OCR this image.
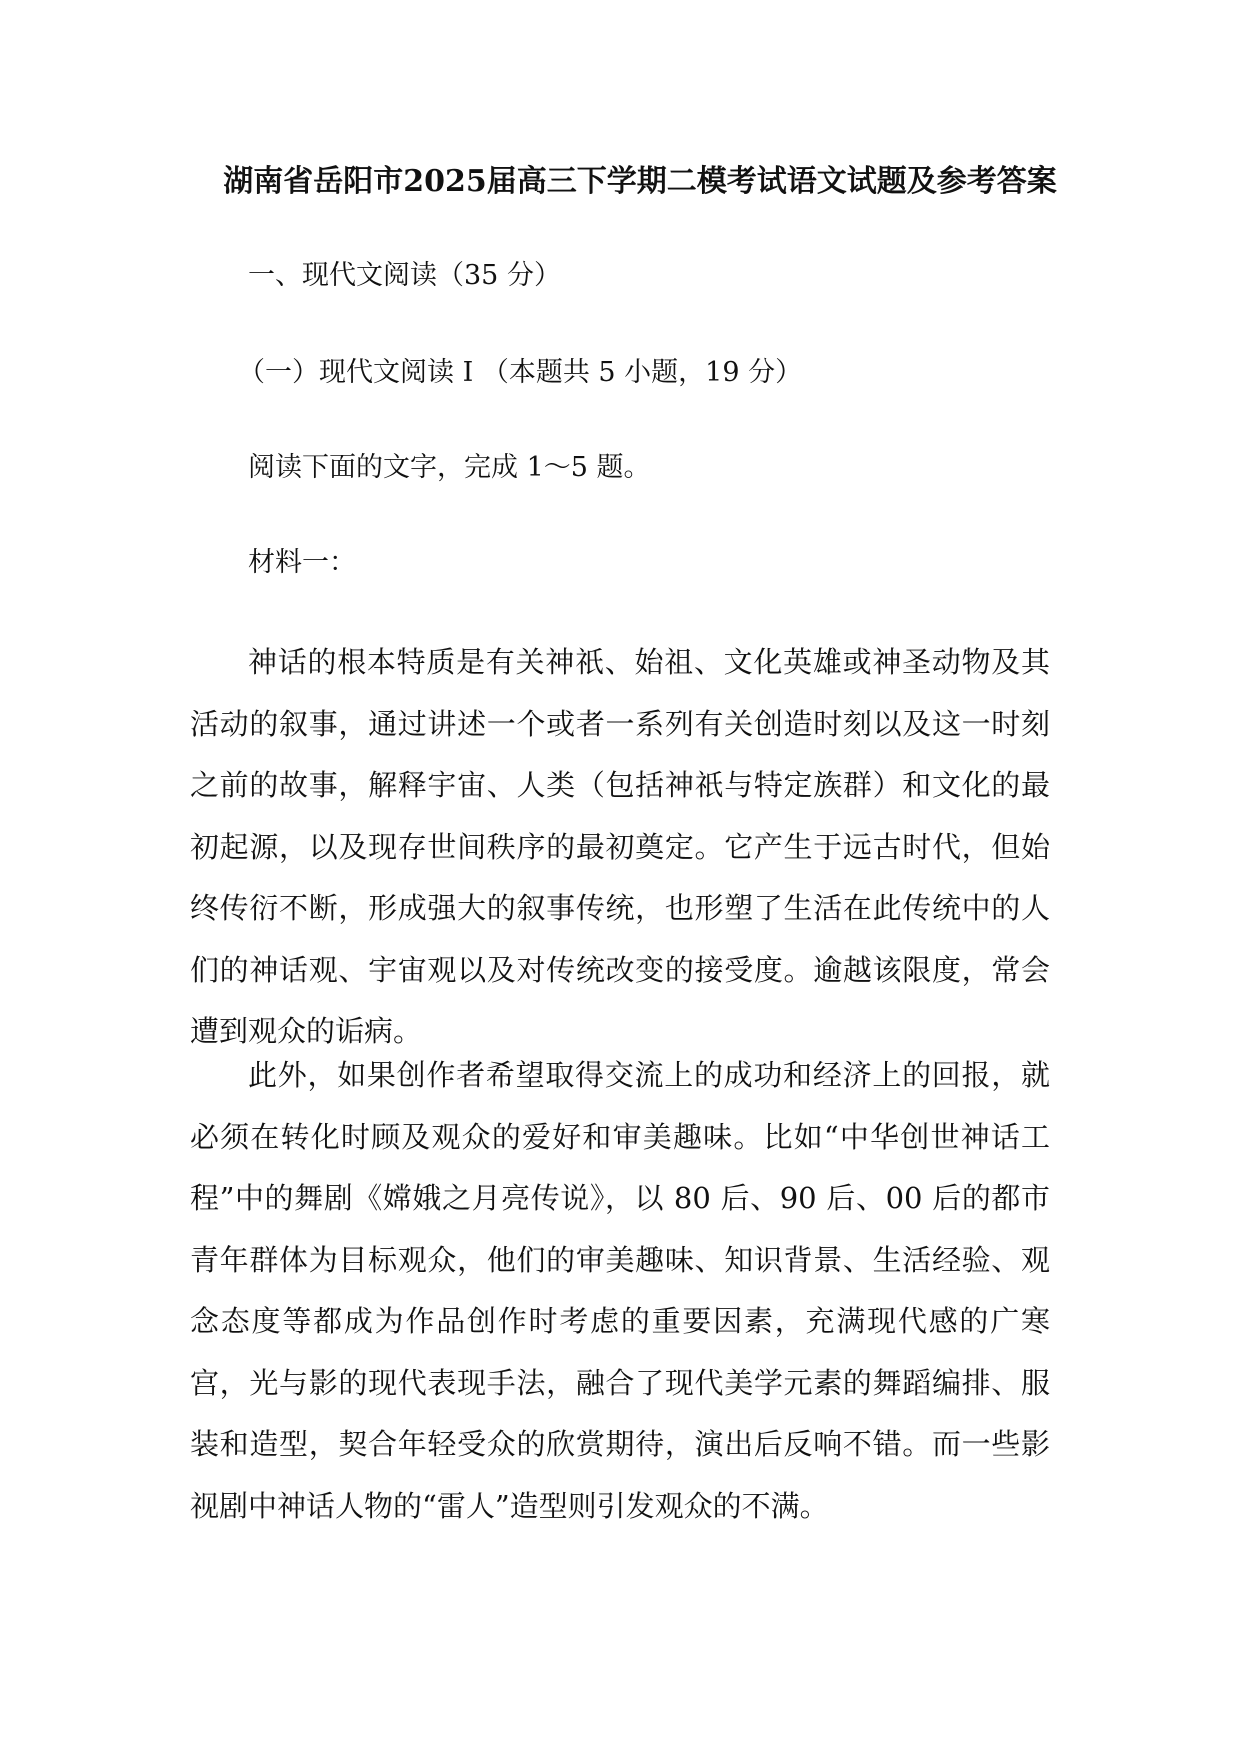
湖南省岳阳市2025届高三下学期二模考试语文试题及参考答案
一、现代文阅读（35 分）
（一）现代文阅读 I （本题共 5 小题，19 分）
阅读下面的文字，完成 1～5 题。
材料一：

神话的根本特质是有关神祇、始祖、文化英雄或神圣动物及其活动的叙事，通过讲述一个或者一系列有关创造时刻以及这一时刻之前的故事，解释宇宙、人类（包括神祇与特定族群）和文化的最初起源，以及现存世间秩序的最初奠定。它产生于远古时代，但始终传衍不断，形成强大的叙事传统，也形塑了生活在此传统中的人们的神话观、宇宙观以及对传统改变的接受度。逾越该限度，常会遭到观众的诟病。

此外，如果创作者希望取得交流上的成功和经济上的回报，就必须在转化时顾及观众的爱好和审美趣味。比如“中华创世神话工程”中的舞剧《嫦娥之月亮传说》，以 80 后、90 后、00 后的都市青年群体为目标观众，他们的审美趣味、知识背景、生活经验、观念态度等都成为作品创作时考虑的重要因素，充满现代感的广寒宫，光与影的现代表现手法，融合了现代美学元素的舞蹈编排、服装和造型，契合年轻受众的欣赏期待，演出后反响不错。而一些影视剧中神话人物的“雷人”造型则引发观众的不满。
